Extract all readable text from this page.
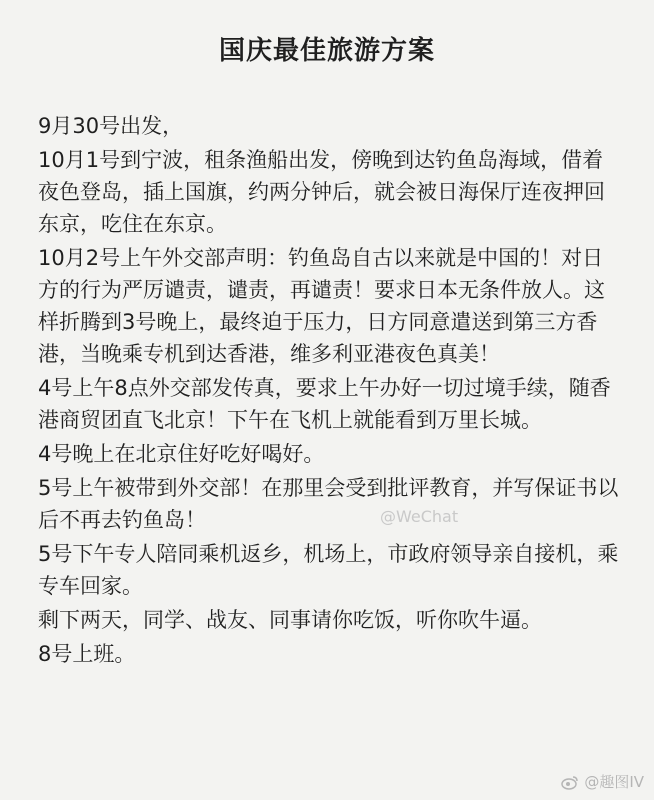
国庆最佳旅游方案

9月30号出发，

10月1号到宁波，租条渔船出发，傍晚到达钓鱼岛海域，借着夜色登岛，插上国旗，约两分钟后，就会被日海保厅连夜押回东京，吃住在东京。

10月2号上午外交部声明：钓鱼岛自古以来就是中国的！对日方的行为严厉谴责，谴责，再谴责！要求日本无条件放人。这样折腾到3号晚上，最终迫于压力，日方同意遣送到第三方香港，当晚乘专机到达香港，维多利亚港夜色真美！

4号上午8点外交部发传真，要求上午办好一切过境手续，随香港商贸团直飞北京！下午在飞机上就能看到万里长城。

4号晚上在北京住好吃好喝好。

5号上午被带到外交部！在那里会受到批评教育，并写保证书以后不再去钓鱼岛！

5号下午专人陪同乘机返乡，机场上，市政府领导亲自接机，乘专车回家。

剩下两天，同学、战友、同事请你吃饭，听你吹牛逼。

8号上班。

@WeChat
@趣图IV
